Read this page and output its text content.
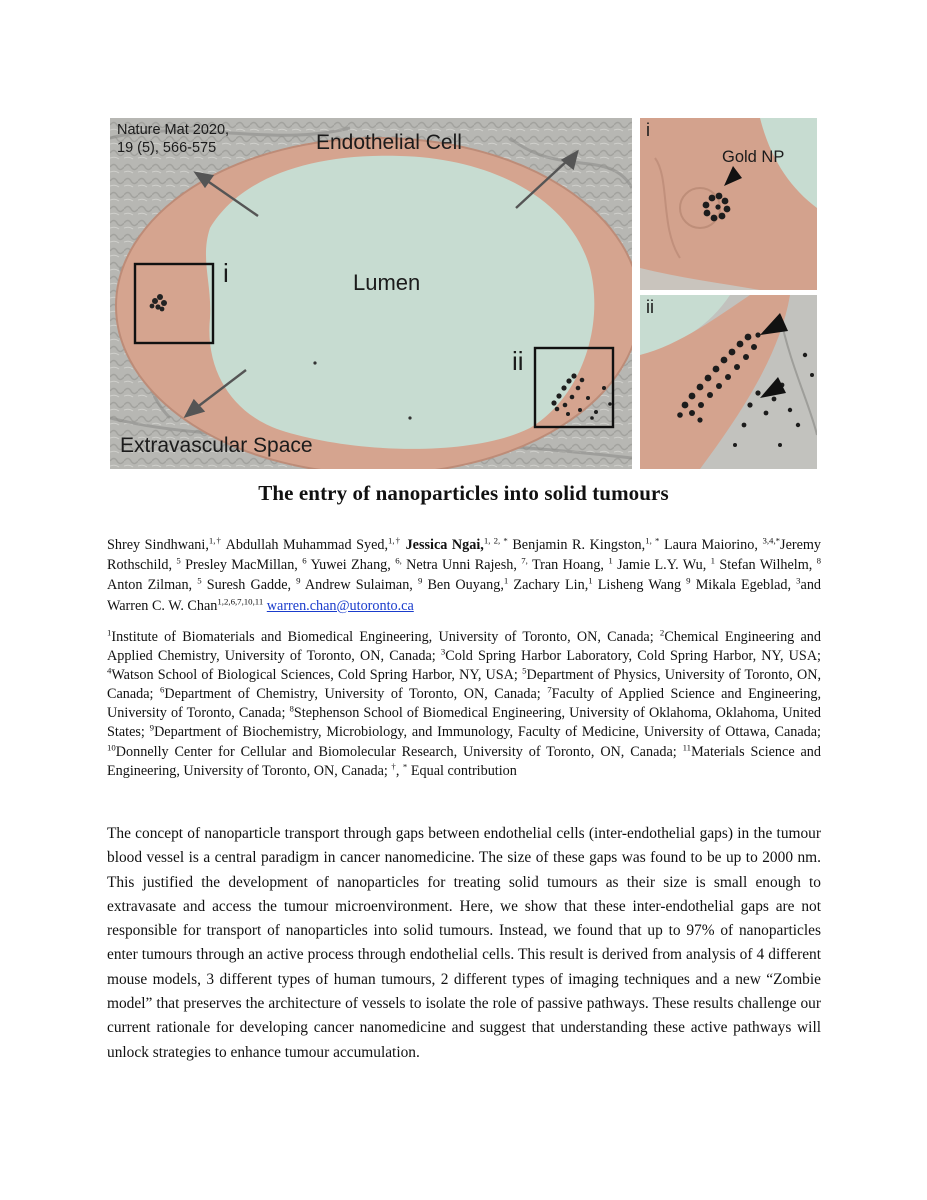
Nature Mat 2020,
19 (5), 566-575	Endothelial Cell
Lumen
Extravascular Space
i
ii
i
Gold NP
ii
The entry of nanoparticles into solid tumours
Shrey Sindhwani,$^{1,\dagger}$ Abdullah Muhammad Syed,$^{1,\dagger}$ Jessica Ngai,$^{1, 2, *}$ Benjamin R. Kingston,$^{1, *}$ Laura Maiorino, $^{3,4,*}$Jeremy Rothschild, $^5$ Presley MacMillan, $^6$ Yuwei Zhang, $^{6,}$ Netra Unni Rajesh, $^{7,}$ Tran Hoang, $^1$ Jamie L.Y. Wu, $^1$ Stefan Wilhelm, $^8$ Anton Zilman, $^5$ Suresh Gadde, $^9$ Andrew Sulaiman, $^9$ Ben Ouyang,$^1$ Zachary Lin,$^1$ Lisheng Wang $^9$ Mikala Egeblad, $^3$and Warren C. W. Chan$^{1,2,6,7,10,11}$ warren.chan@utoronto.ca
$^1$Institute of Biomaterials and Biomedical Engineering, University of Toronto, ON, Canada; $^2$Chemical Engineering and Applied Chemistry, University of Toronto, ON, Canada; $^3$Cold Spring Harbor Laboratory, Cold Spring Harbor, NY, USA; $^4$Watson School of Biological Sciences, Cold Spring Harbor, NY, USA; $^5$Department of Physics, University of Toronto, ON, Canada; $^6$Department of Chemistry, University of Toronto, ON, Canada; $^7$Faculty of Applied Science and Engineering, University of Toronto, Canada; $^8$Stephenson School of Biomedical Engineering, University of Oklahoma, Oklahoma, United States; $^9$Department of Biochemistry, Microbiology, and Immunology, Faculty of Medicine, University of Ottawa, Canada; $^{10}$Donnelly Center for Cellular and Biomolecular Research, University of Toronto, ON, Canada; $^{11}$Materials Science and Engineering, University of Toronto, ON, Canada; †, * Equal contribution
The concept of nanoparticle transport through gaps between endothelial cells (inter-endothelial gaps) in the tumour blood vessel is a central paradigm in cancer nanomedicine. The size of these gaps was found to be up to 2000 nm. This justified the development of nanoparticles for treating solid tumours as their size is small enough to extravasate and access the tumour microenvironment. Here, we show that these inter-endothelial gaps are not responsible for transport of nanoparticles into solid tumours. Instead, we found that up to 97% of nanoparticles enter tumours through an active process through endothelial cells. This result is derived from analysis of 4 different mouse models, 3 different types of human tumours, 2 different types of imaging techniques and a new “Zombie model” that preserves the architecture of vessels to isolate the role of passive pathways. These results challenge our current rationale for developing cancer nanomedicine and suggest that understanding these active pathways will unlock strategies to enhance tumour accumulation.
